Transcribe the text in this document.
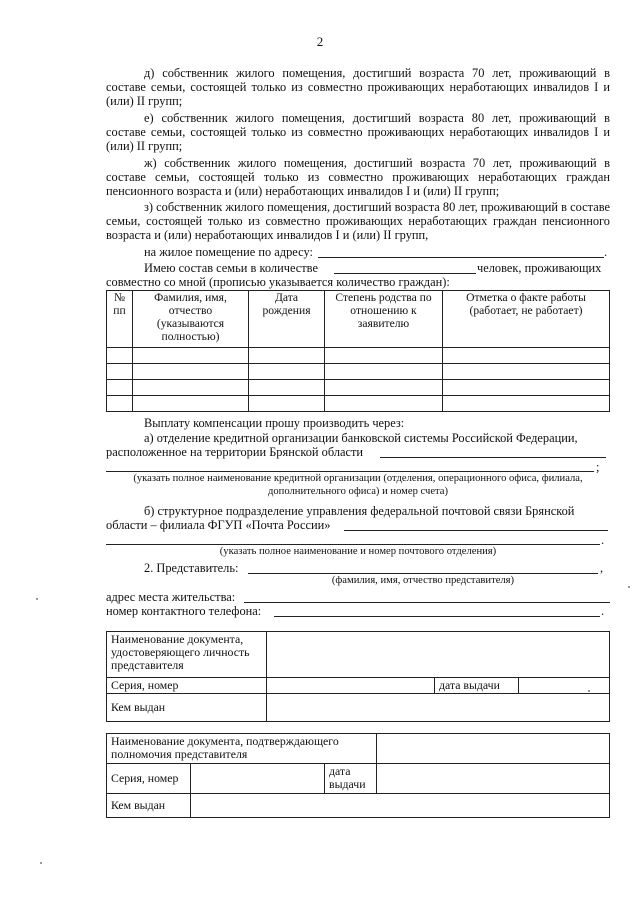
2

д) собственник жилого помещения, достигший возраста 70 лет, проживающий в составе семьи, состоящей только из совместно проживающих неработающих инвалидов I и (или) II групп;

е) собственник жилого помещения, достигший возраста 80 лет, проживающий в составе семьи, состоящей только из совместно проживающих неработающих инвалидов I и (или) II групп;

ж) собственник жилого помещения, достигший возраста 70 лет, проживающий в составе семьи, состоящей только из совместно проживающих неработающих граждан пенсионного возраста и (или) неработающих инвалидов I и (или) II групп;

з) собственник жилого помещения, достигший возраста 80 лет, проживающий в составе семьи, состоящей только из совместно проживающих неработающих граждан пенсионного возраста и (или) неработающих инвалидов I и (или) II групп,

на жилое помещение по адресу:	.
Имею состав семьи в количестве	человек, проживающих
совместно со мной (прописью указывается количество граждан):
№ пп	Фамилия, имя, отчество (указываются полностью)	Дата рождения	Степень родства по отношению к заявителю	Отметка о факте работы (работает, не работает)

Выплату компенсации прошу производить через:
а) отделение кредитной организации банковской системы Российской Федерации,
расположенное на территории Брянской области
;
(указать полное наименование кредитной организации (отделения, операционного офиса, филиала, дополнительного офиса) и номер счета)
б) структурное подразделение управления федеральной почтовой связи Брянской
области – филиала ФГУП «Почта России»
.
(указать полное наименование и номер почтового отделения)
2. Представитель:	,
(фамилия, имя, отчество представителя)
адрес места жительства:
номер контактного телефона:	.
Наименование документа, удостоверяющего личность представителя			
Серия, номер		дата выдачи	
Кем выдан			
Наименование документа, подтверждающего полномочия представителя			
Серия, номер		дата выдачи	
Кем выдан			
